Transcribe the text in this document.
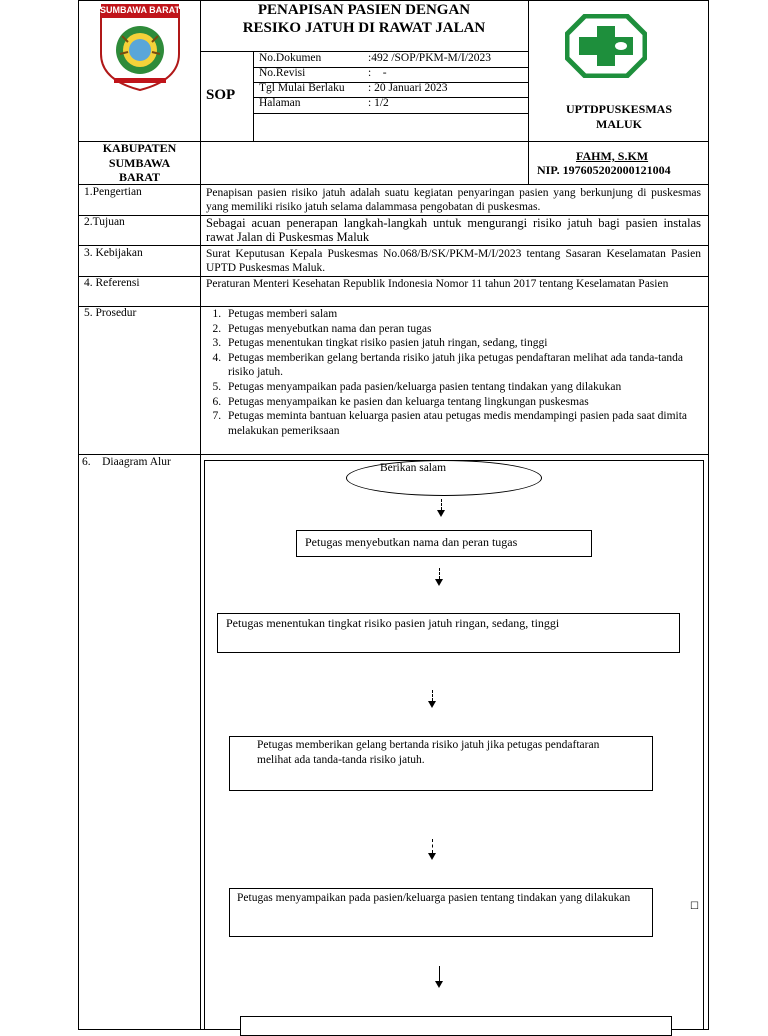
SUMBAWA BARAT	PENAPISAN PASIEN DENGAN
RESIKO JATUH DI RAWAT JALAN
SOP
No.Dokumen	:492 /SOP/PKM-M/I/2023
No.Revisi	:    -
Tgl Mulai Berlaku : 20 Januari 2023
Halaman	: 1/2	UPTDPUSKESMAS
MALUK
KABUPATEN
SUMBAWA
BARAT
FAHM, S.KM
NIP. 197605202000121004
1.Pengertian	Penapisan pasien risiko jatuh adalah suatu kegiatan penyaringan pasien yang berkunjung di puskesmas yang memiliki risiko jatuh selama dalammasa pengobatan di puskesmas.
2.Tujuan	Sebagai acuan penerapan langkah-langkah untuk mengurangi risiko jatuh bagi pasien instalas rawat Jalan di Puskesmas Maluk
3. Kebijakan	Surat Keputusan Kepala Puskesmas No.068/B/SK/PKM-M/I/2023 tentang Sasaran Keselamatan Pasien UPTD Puskesmas Maluk.
4. Referensi	Peraturan Menteri Kesehatan Republik Indonesia Nomor 11 tahun 2017 tentang Keselamatan Pasien
5. Prosedur
1.	Petugas memberi salam
2. Petugas menyebutkan nama dan peran tugas
3. Petugas menentukan tingkat risiko pasien jatuh ringan, sedang, tinggi
4. Petugas memberikan gelang bertanda risiko jatuh jika petugas pendaftaran melihat ada tanda-tanda risiko jatuh.
5. Petugas menyampaikan pada pasien/keluarga pasien tentang tindakan yang dilakukan
6. Petugas menyampaikan ke pasien dan keluarga tentang lingkungan puskesmas
7. Petugas meminta bantuan keluarga pasien atau petugas medis mendampingi pasien pada saat dimita melakukan pemeriksaan
6.    Diaagram Alur	Berikan salam
Petugas menyebutkan nama dan peran tugas
Petugas menentukan tingkat risiko pasien jatuh ringan, sedang, tinggi
Petugas memberikan gelang bertanda risiko jatuh jika petugas pendaftaran melihat ada tanda-tanda risiko jatuh.
Petugas menyampaikan pada pasien/keluarga pasien tentang tindakan yang dilakukan
☐
